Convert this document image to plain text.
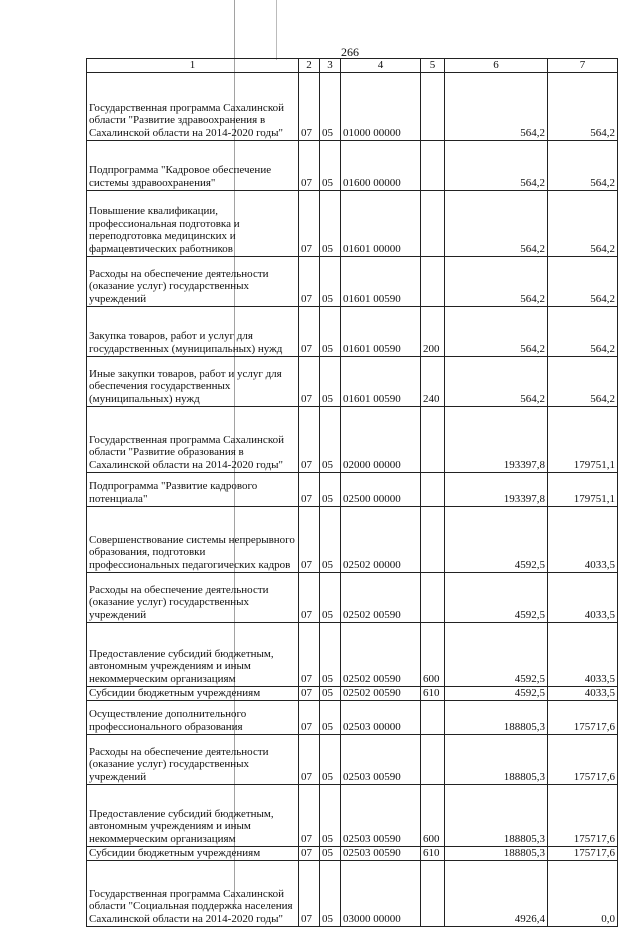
266
1	2	3	4	5	6	7
Государственная программа Сахалинской области "Развитие здравоохранения в Сахалинской области на 2014-2020 годы"	07	05	01000 00000		564,2	564,2
Подпрограмма "Кадровое обеспечение системы здравоохранения"	07	05	01600 00000		564,2	564,2
Повышение квалификации, профессиональная подготовка и переподготовка медицинских и фармацевтических работников	07	05	01601 00000		564,2	564,2
Расходы на обеспечение деятельности (оказание услуг) государственных учреждений	07	05	01601 00590		564,2	564,2
Закупка товаров, работ и услуг для государственных (муниципальных) нужд	07	05	01601 00590	200	564,2	564,2
Иные закупки товаров, работ и услуг для обеспечения государственных (муниципальных) нужд	07	05	01601 00590	240	564,2	564,2
Государственная программа Сахалинской области "Развитие образования в Сахалинской области на 2014-2020 годы"	07	05	02000 00000		193397,8	179751,1
Подпрограмма "Развитие кадрового потенциала"	07	05	02500 00000		193397,8	179751,1
Совершенствование системы непрерывного образования, подготовки профессиональных педагогических кадров	07	05	02502 00000		4592,5	4033,5
Расходы на обеспечение деятельности (оказание услуг) государственных учреждений	07	05	02502 00590		4592,5	4033,5
Предоставление субсидий бюджетным, автономным учреждениям и иным некоммерческим организациям	07	05	02502 00590	600	4592,5	4033,5
Субсидии бюджетным учреждениям	07	05	02502 00590	610	4592,5	4033,5
Осуществление дополнительного профессионального образования	07	05	02503 00000		188805,3	175717,6
Расходы на обеспечение деятельности (оказание услуг) государственных учреждений	07	05	02503 00590		188805,3	175717,6
Предоставление субсидий бюджетным, автономным учреждениям и иным некоммерческим организациям	07	05	02503 00590	600	188805,3	175717,6
Субсидии бюджетным учреждениям	07	05	02503 00590	610	188805,3	175717,6
Государственная программа Сахалинской области "Социальная поддержка населения Сахалинской области на 2014-2020 годы"	07	05	03000 00000		4926,4	0,0
